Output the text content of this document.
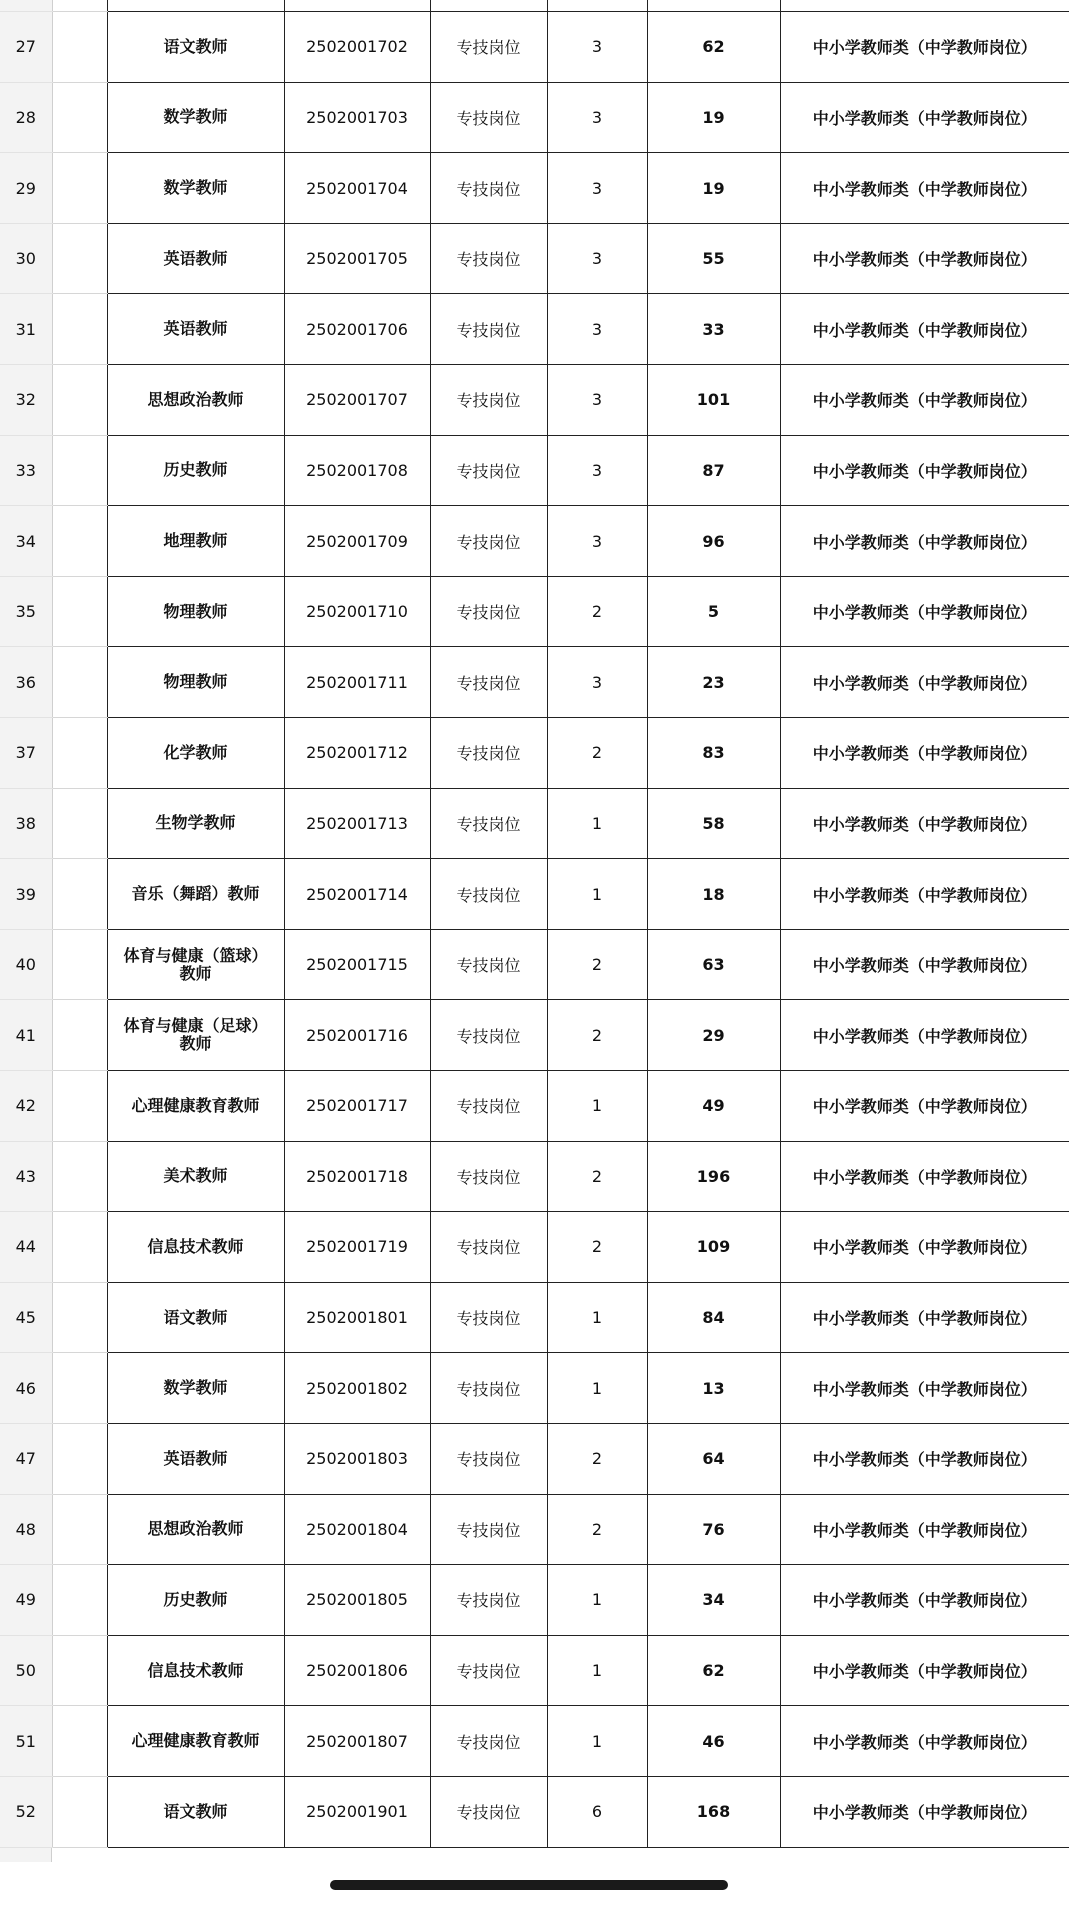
27		语文教师	2502001702	专技岗位	3	62	中小学教师类（中学教师岗位）
28		数学教师	2502001703	专技岗位	3	19	中小学教师类（中学教师岗位）
29		数学教师	2502001704	专技岗位	3	19	中小学教师类（中学教师岗位）
30		英语教师	2502001705	专技岗位	3	55	中小学教师类（中学教师岗位）
31		英语教师	2502001706	专技岗位	3	33	中小学教师类（中学教师岗位）
32		思想政治教师	2502001707	专技岗位	3	101	中小学教师类（中学教师岗位）
33		历史教师	2502001708	专技岗位	3	87	中小学教师类（中学教师岗位）
34		地理教师	2502001709	专技岗位	3	96	中小学教师类（中学教师岗位）
35		物理教师	2502001710	专技岗位	2	5	中小学教师类（中学教师岗位）
36		物理教师	2502001711	专技岗位	3	23	中小学教师类（中学教师岗位）
37		化学教师	2502001712	专技岗位	2	83	中小学教师类（中学教师岗位）
38		生物学教师	2502001713	专技岗位	1	58	中小学教师类（中学教师岗位）
39		音乐（舞蹈）教师	2502001714	专技岗位	1	18	中小学教师类（中学教师岗位）
40		体育与健康（篮球）
教师	2502001715	专技岗位	2	63	中小学教师类（中学教师岗位）
41		体育与健康（足球）
教师	2502001716	专技岗位	2	29	中小学教师类（中学教师岗位）
42		心理健康教育教师	2502001717	专技岗位	1	49	中小学教师类（中学教师岗位）
43		美术教师	2502001718	专技岗位	2	196	中小学教师类（中学教师岗位）
44		信息技术教师	2502001719	专技岗位	2	109	中小学教师类（中学教师岗位）
45		语文教师	2502001801	专技岗位	1	84	中小学教师类（中学教师岗位）
46		数学教师	2502001802	专技岗位	1	13	中小学教师类（中学教师岗位）
47		英语教师	2502001803	专技岗位	2	64	中小学教师类（中学教师岗位）
48		思想政治教师	2502001804	专技岗位	2	76	中小学教师类（中学教师岗位）
49		历史教师	2502001805	专技岗位	1	34	中小学教师类（中学教师岗位）
50		信息技术教师	2502001806	专技岗位	1	62	中小学教师类（中学教师岗位）
51		心理健康教育教师	2502001807	专技岗位	1	46	中小学教师类（中学教师岗位）
52		语文教师	2502001901	专技岗位	6	168	中小学教师类（中学教师岗位）
